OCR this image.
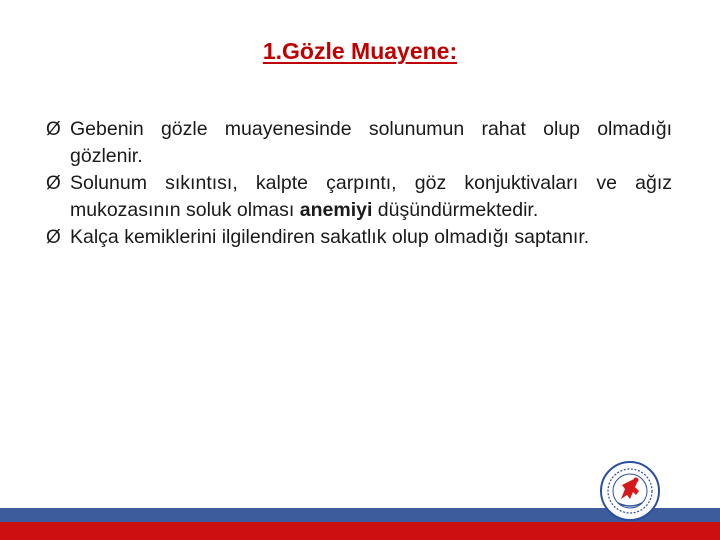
1.Gözle Muayene:
Ø Gebenin gözle muayenesinde solunumun rahat olup olmadığı gözlenir.
Ø Solunum sıkıntısı, kalpte çarpıntı, göz konjuktivaları ve ağız mukozasının soluk olması anemiyi düşündürmektedir.
Ø Kalça kemiklerini ilgilendiren sakatlık olup olmadığı saptanır.
